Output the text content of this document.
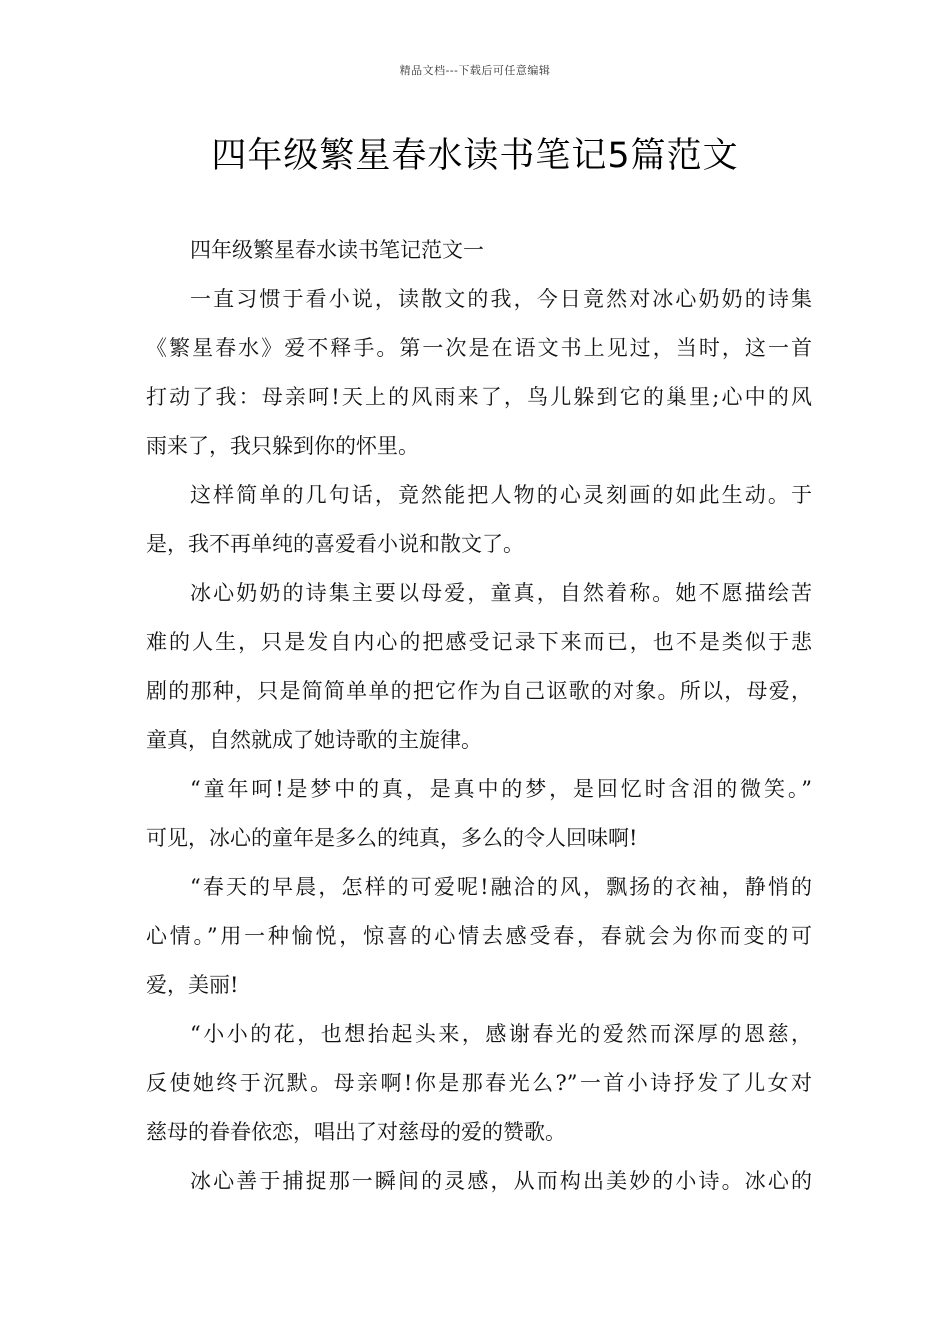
精品文档---下载后可任意编辑
四年级繁星春水读书笔记5篇范文
四年级繁星春水读书笔记范文一
一直习惯于看小说，读散文的我，今日竟然对冰心奶奶的诗集
《繁星春水》爱不释手。第一次是在语文书上见过，当时，这一首
打动了我：母亲呵!天上的风雨来了，鸟儿躲到它的巢里;心中的风
雨来了，我只躲到你的怀里。
这样简单的几句话，竟然能把人物的心灵刻画的如此生动。于
是，我不再单纯的喜爱看小说和散文了。
冰心奶奶的诗集主要以母爱，童真，自然着称。她不愿描绘苦
难的人生，只是发自内心的把感受记录下来而已，也不是类似于悲
剧的那种，只是简简单单的把它作为自己讴歌的对象。所以，母爱，
童真，自然就成了她诗歌的主旋律。
“童年呵!是梦中的真，是真中的梦，是回忆时含泪的微笑。”
可见，冰心的童年是多么的纯真，多么的令人回味啊!
“春天的早晨，怎样的可爱呢!融洽的风，飘扬的衣袖，静悄的
心情。”用一种愉悦，惊喜的心情去感受春，春就会为你而变的可
爱，美丽!
“小小的花，也想抬起头来，感谢春光的爱然而深厚的恩慈，
反使她终于沉默。母亲啊!你是那春光么?”一首小诗抒发了儿女对
慈母的眷眷依恋，唱出了对慈母的爱的赞歌。
冰心善于捕捉那一瞬间的灵感，从而构出美妙的小诗。冰心的
